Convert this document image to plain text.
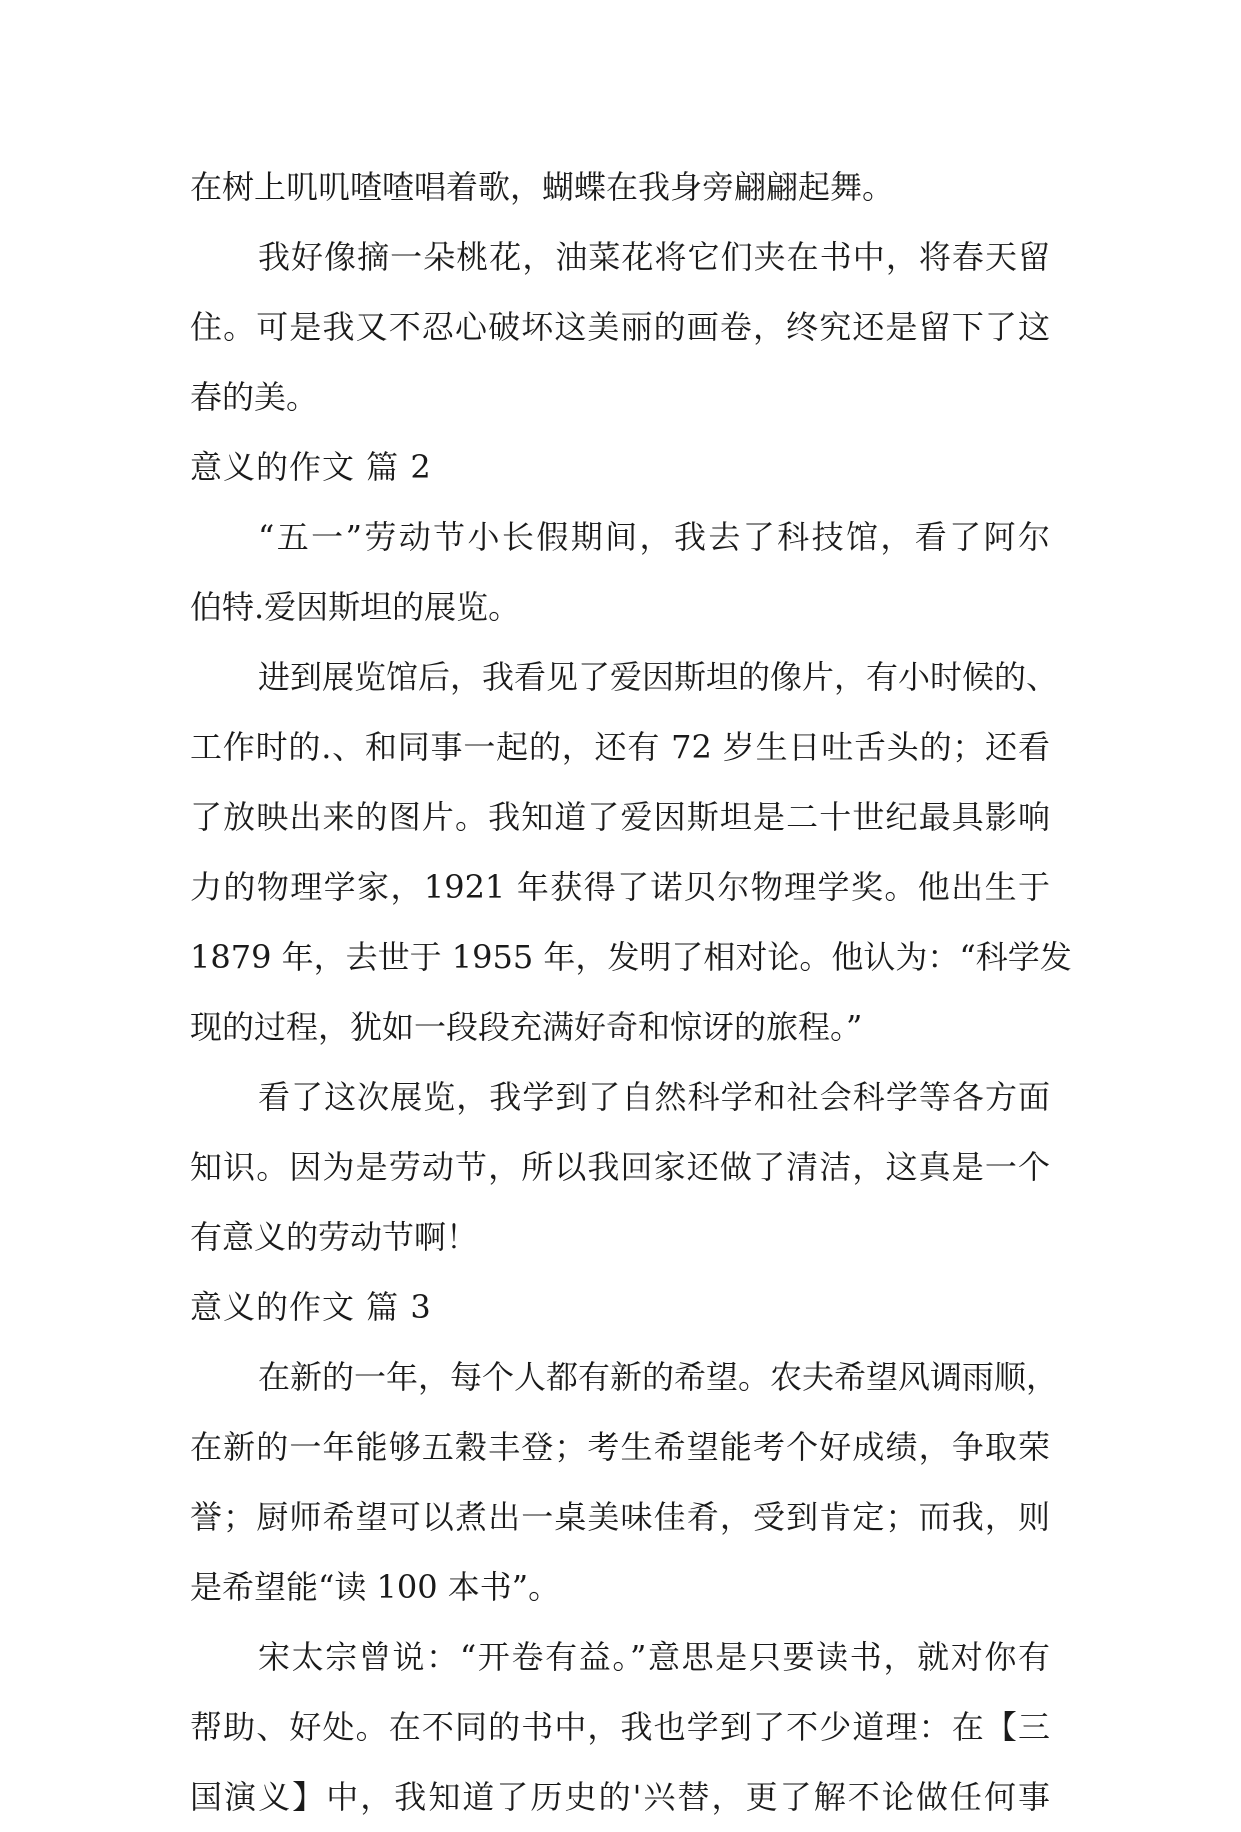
在树上叽叽喳喳唱着歌，蝴蝶在我身旁翩翩起舞。
我好像摘一朵桃花，油菜花将它们夹在书中，将春天留
住。可是我又不忍心破坏这美丽的画卷，终究还是留下了这
春的美。
意义的作文 篇 2
“五一”劳动节小长假期间，我去了科技馆，看了阿尔
伯特.爱因斯坦的展览。
进到展览馆后，我看见了爱因斯坦的像片，有小时候的、
工作时的.、和同事一起的，还有 72 岁生日吐舌头的；还看
了放映出来的图片。我知道了爱因斯坦是二十世纪最具影响
力的物理学家，1921 年获得了诺贝尔物理学奖。他出生于
1879 年，去世于 1955 年，发明了相对论。他认为：“科学发
现的过程，犹如一段段充满好奇和惊讶的旅程。”
看了这次展览，我学到了自然科学和社会科学等各方面
知识。因为是劳动节，所以我回家还做了清洁，这真是一个
有意义的劳动节啊！
意义的作文 篇 3
在新的一年，每个人都有新的希望。农夫希望风调雨顺，
在新的一年能够五穀丰登；考生希望能考个好成绩，争取荣
誉；厨师希望可以煮出一桌美味佳肴，受到肯定；而我，则
是希望能“读 100 本书”。
宋太宗曾说：“开卷有益。”意思是只要读书，就对你有
帮助、好处。在不同的书中，我也学到了不少道理：在【三
国演义】中，我知道了历史的'兴替，更了解不论做任何事
